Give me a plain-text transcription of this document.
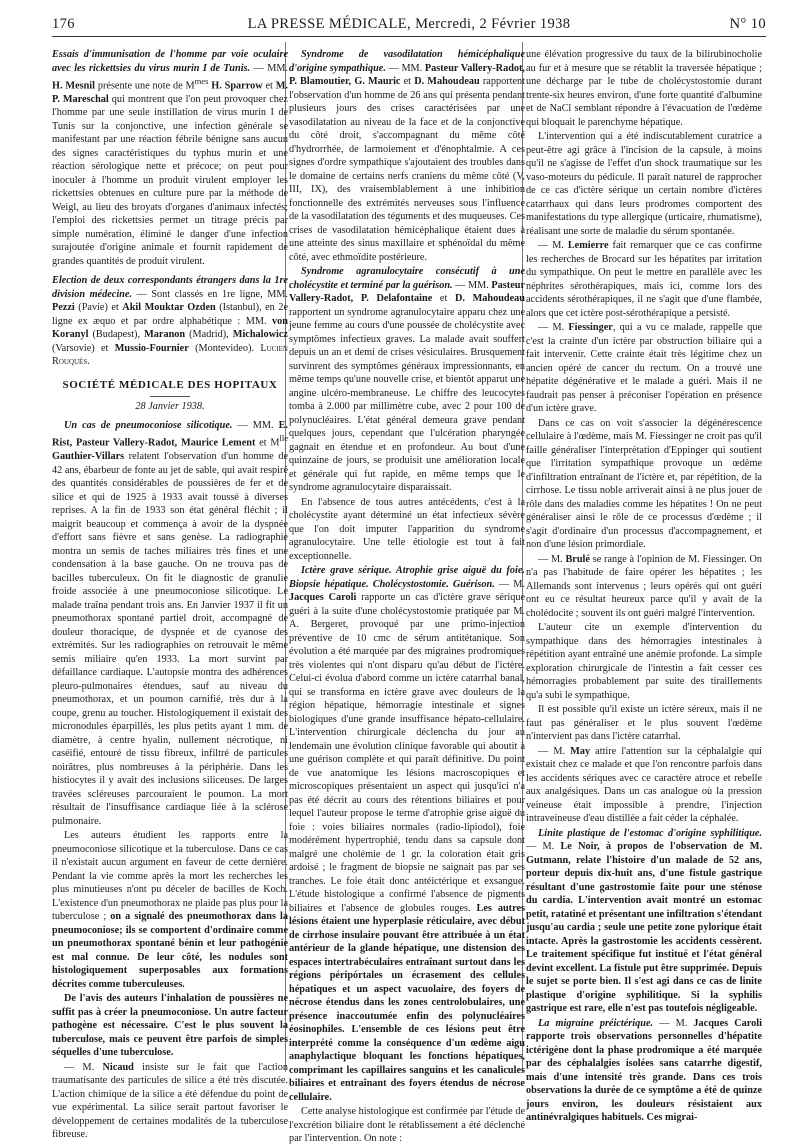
176	LA PRESSE MÉDICALE, Mercredi, 2 Février 1938	N° 10

Essais d'immunisation de l'homme par voie oculaire avec les rickettsies du virus murin I de Tunis. — MM. H. Mesnil présente une note de $M^{mes}$ H. Sparrow et M. P. Mareschal qui montrent que l'on peut provoquer chez l'homme par une seule instillation de virus murin I de Tunis sur la conjonctive, une infection générale se manifestant par une réaction fébrile bénigne sans aucun des signes caractéristiques du typhus murin et une réaction sérologique nette et précoce; on peut pour inoculer à l'homme un produit virulent employer les rickettsies obtenues en culture pure par la méthode de Weigl, au lieu des broyats d'organes d'animaux infectés; l'emploi des rickettsies permet un titrage précis par simple numération, éliminé le danger d'une infection surajoutée d'origine animale et fournit rapidement de grandes quantités de produit virulent.

Election de deux correspondants étrangers dans la 1re division médecine. — Sont classés en 1re ligne, MM. Pezzi (Pavie) et Akil Mouktar Ozden (Istanbul), en 2e ligne ex æquo et par ordre alphabétique : MM. von Koranyl (Budapest), Maranon (Madrid), Michalowicz (Varsovie) et Mussio-Fournier (Montevideo). Lucien Rouquès.

SOCIÉTÉ MÉDICALE DES HOPITAUX
28 Janvier 1938.

Un cas de pneumoconiose silicotique. — MM. E. Rist, Pasteur Vallery-Radot, Maurice Lement et $M^{lle}$ Gauthier-Villars relatent l'observation d'un homme de 42 ans, ébarbeur de fonte au jet de sable, qui avait respiré des quantités considérables de poussières de fer et de silice et qui de 1925 à 1933 avait toussé à diverses reprises. A la fin de 1933 son état général fléchit ; il maigrit beaucoup et commença à avoir de la dyspnée d'effort sans fièvre et sans genèse. La radiographie montra un semis de taches miliaires très fines et une condensation à la base gauche. On ne trouva pas de bacilles tuberculeux. On fit le diagnostic de granulie froide associée à une pneumoconiose silicotique. Le malade traîna pendant trois ans. En Janvier 1937 il fit un pneumothorax spontané partiel droit, accompagné de douleur thoracique, de dyspnée et de cyanose des extrémités. Sur les radiographies on retrouvait le même semis miliaire qu'en 1933. La mort survint par défaillance cardiaque. L'autopsie montra des adhérences pleuro-pulmonaires étendues, sauf au niveau du pneumothorax, et un poumon carnifié, très dur à la coupe, grenu au toucher. Histologiquement il existait des micronodules éparpillés, les plus petits ayant 1 mm. de diamètre, à centre hyalin, nullement nécrotique, ni caséifié, entouré de tissu fibreux, infiltré de particules noirâtres, plus nombreuses à la périphérie. Dans les histiocytes il y avait des inclusions siliceuses. De larges travées scléreuses parcouraient le poumon. La mort résultait de l'insuffisance cardiaque liée à la sclérose pulmonaire.

Les auteurs étudient les rapports entre la pneumoconiose silicotique et la tuberculose. Dans ce cas il n'existait aucun argument en faveur de cette dernière. Pendant la vie comme après la mort les recherches les plus minutieuses n'ont pu déceler de bacilles de Koch. L'existence d'un pneumothorax ne plaide pas plus pour la tuberculose ; on a signalé des pneumothorax dans la pneumoconiose; ils se comportent d'ordinaire comme un pneumothorax spontané bénin et leur pathogénie est mal connue. De leur côté, les nodules sont histologiquement superposables aux formations décrites comme tuberculeuses.

De l'avis des auteurs l'inhalation de poussières ne suffit pas à créer la pneumoconiose. Un autre facteur pathogène est nécessaire. C'est le plus souvent la tuberculose, mais ce peuvent être parfois de simples séquelles d'une tuberculose.

— M. Nicaud insiste sur le fait que l'action traumatisante des particules de silice a été très discutée. L'action chimique de la silice a été défendue du point de vue expérimental. La silice serait partout favoriser le développement de certaines modalités de la tuberculose fibreuse.

Syndrome de vasodilatation hémicéphalique d'origine sympathique. — MM. Pasteur Vallery-Radot, P. Blamoutier, G. Mauric et D. Mahoudeau rapportent l'observation d'un homme de 26 ans qui présenta pendant plusieurs jours des crises caractérisées par une vasodilatation au niveau de la face et de la conjonctive du côté droit, s'accompagnant du même côté d'hydrorrhée, de larmoiement et d'énophtalmie. A ces signes d'ordre sympathique s'ajoutaient des troubles dans le domaine de certains nerfs craniens du même côté (V, III, IX), des vraisemblablement à une inhibition fonctionnelle des extrémités nerveuses sous l'influence de la vasodilatation des téguments et des muqueuses. Ces crises de vasodilatation hémicéphalique étaient dues à une atteinte des sinus maxillaire et sphénoïdal du même côté, avec ethmoïdite postérieure.

Syndrome agranulocytaire consécutif à une cholécystite et terminé par la guérison. — MM. Pasteur Vallery-Radot, P. Delafontaine et D. Mahoudeau rapportent un syndrome agranulocytaire apparu chez une jeune femme au cours d'une poussée de cholécystite avec symptômes infectieux graves. La malade avait souffert depuis un an et demi de crises vésiculaires. Brusquement survinrent des symptômes généraux impressionnants, en même temps qu'une nouvelle crise, et bientôt apparut une angine ulcéro-membraneuse. Le chiffre des leucocytes tomba à 2.000 par millimètre cube, avec 2 pour 100 de polynucléaires. L'état général demeura grave pendant quelques jours, cependant que l'ulcération pharyngée gagnait en étendue et en profondeur. Au bout d'une quinzaine de jours, se produisit une amélioration locale et générale qui fut rapide, en même temps que le syndrome agranulocytaire disparaissait.

En l'absence de tous autres antécédents, c'est à la cholécystite ayant déterminé un état infectieux sévère que l'on doit imputer l'apparition du syndrome agranulocytaire. Une telle étiologie est tout à fait exceptionnelle.

Ictère grave sérique. Atrophie grise aiguë du foie. Biopsie hépatique. Cholécystostomie. Guérison. — M. Jacques Caroli rapporte un cas d'ictère grave sérique guéri à la suite d'une cholécystostomie pratiquée par M. A. Bergeret, provoqué par une primo-injection préventive de 10 cmc de sérum antitétanique. Son évolution a été marquée par des migraines prodromiques très violentes qui n'ont disparu qu'au début de l'ictère. Celui-ci évolua d'abord comme un ictère catarrhal banal, qui se transforma en ictère grave avec douleurs de la région hépatique, hémorragie intestinale et signes biologiques d'une grande insuffisance hépato-cellulaire. L'intervention chirurgicale déclencha du jour au lendemain une évolution clinique favorable qui aboutit à une guérison complète et qui paraît définitive. Du point de vue anatomique les lésions macroscopiques et microscopiques présentaient un aspect qui jusqu'ici n'a pas été décrit au cours des rétentions biliaires et pour lequel l'auteur propose le terme d'atrophie grise aiguë du foie : voies biliaires normales (radio-lipiodol), foie modérément hypertrophié, tendu dans sa capsule dont malgré une cholémie de 1 gr. la coloration était gris ardoisé ; le fragment de biopsie ne saignait pas par ses tranches. Le foie était donc antéictérique et exsangue. L'étude histologique a confirmé l'absence de pigments biliaires et l'absence de globules rouges. Les autres lésions étaient une hyperplasie réticulaire, avec début de cirrhose insulaire pouvant être attribuée à un état antérieur de la glande hépatique, une distension des espaces intertrabéculaires entraînant surtout dans les régions péripórtales un écrasement des cellules hépatiques et un aspect vacuolaire, des foyers de nécrose étendus dans les zones centrolobulaires, une présence inaccoutumée enfin des polynucléaires éosinophiles. L'ensemble de ces lésions peut être interprété comme la conséquence d'un œdème aigu anaphylactique bloquant les fonctions hépatiques, comprimant les capillaires sanguins et les canalicules biliaires et entraînant des foyers étendus de nécrose cellulaire.

Cette analyse histologique est confirmée par l'étude de l'excrétion biliaire dont le rétablissement a été déclenché par l'intervention. On note :

une élévation progressive du taux de la bilirubinocholie au fur et à mesure que se rétablit la traversée hépatique ; une décharge par le tube de cholécystostomie durant trente-six heures environ, d'une forte quantité d'albumine et de NaCl semblant répondre à l'évacuation de l'œdème qui bloquait le parenchyme hépatique.

L'intervention qui a été indiscutablement curatrice a peut-être agi grâce à l'incision de la capsule, à moins qu'il ne s'agisse de l'effet d'un shock traumatique sur les vaso-moteurs du pédicule. Il paraît naturel de rapprocher de ce cas d'ictère sérique un certain nombre d'ictères catarrhaux qui dans leurs prodromes comportent des manifestations du type allergique (urticaire, rhumatisme), réalisant une sorte de maladie du sérum spontanée.

— M. Lemierre fait remarquer que ce cas confirme les recherches de Brocard sur les hépatites par irritation du sympathique. On peut le mettre en parallèle avec les néphrites sérothérapiques, mais ici, comme lors des accidents sérothérapiques, il ne s'agit que d'une flambée, alors que cet ictère post-sérothérapique a persisté.

— M. Fiessinger, qui a vu ce malade, rappelle que c'est la crainte d'un ictère par obstruction biliaire qui a fait intervenir. Cette crainte était très légitime chez un ancien opéré de cancer du rectum. On a trouvé une hépatite dégénérative et le malade a guéri. Mais il ne faudrait pas penser à préconiser l'opération en présence d'un ictère grave.

Dans ce cas on voit s'associer la dégénérescence cellulaire à l'œdème, mais M. Fiessinger ne croit pas qu'il faille généraliser l'interprétation d'Eppinger qui soutient que l'irritation sympathique provoque un œdème d'infiltration entraînant de l'ictère et, par répétition, de la cirrhose. Le tissu noble arriverait ainsi à ne plus jouer de rôle dans des maladies comme les hépatites ! On ne peut généraliser ainsi le rôle de ce processus d'œdème ; il s'agit d'ordinaire d'un processus d'accompagnement, et non d'une lésion primordiale.

— M. Brulé se range à l'opinion de M. Fiessinger. On n'a pas l'habitude de faire opérer les hépatites ; les Allemands sont intervenus ; leurs opérés qui ont guéri ont eu ce résultat heureux parce qu'il y avait de la cholédocite ; souvent ils ont guéri malgré l'intervention.

L'auteur cite un exemple d'intervention du sympathique dans des hémorragies intestinales à répétition ayant entraîné une anémie profonde. La simple exploration chirurgicale de l'intestin a fait cesser ces hémorragies probablement par suite des tiraillements qu'a subi le sympathique.

Il est possible qu'il existe un ictère séreux, mais il ne faut pas généraliser et le plus souvent l'œdème n'intervient pas dans l'ictère catarrhal.

— M. May attire l'attention sur la céphalalgie qui existait chez ce malade et que l'on rencontre parfois dans les accidents sériques avec ce caractère atroce et rebelle aux analgésiques. Dans un cas analogue où la pression veineuse était impossible à prendre, l'injection intraveineuse d'eau distillée a fait céder la céphalée.

Linite plastique de l'estomac d'origine syphilitique. — M. Le Noir, à propos de l'observation de M. Gutmann, relate l'histoire d'un malade de 52 ans, porteur depuis dix-huit ans, d'une fistule gastrique résultant d'une gastrostomie faite pour une sténose du cardia. L'intervention avait montré un estomac petit, ratatiné et présentant une infiltration s'étendant jusqu'au cardia ; seule une petite zone pylorique était intacte. Après la gastrostomie les accidents cessèrent. Le traitement spécifique fut institué et l'état général devint excellent. La fistule put être supprimée. Depuis le sujet se porte bien. Il s'est agi dans ce cas de linite plastique d'origine syphilitique. Si la syphilis gastrique est rare, elle n'est pas toutefois négligeable.

La migraine préictérique. — M. Jacques Caroli rapporte trois observations personnelles d'hépatite ictérigène dont la phase prodromique a été marquée par des céphalalgies isolées sans catarrhe digestif, mais d'une intensité très grande. Dans ces trois observations la durée de ce symptôme a été de quinze jours environ, les douleurs résistaient aux antinévralgiques habituels. Ces migrai-
